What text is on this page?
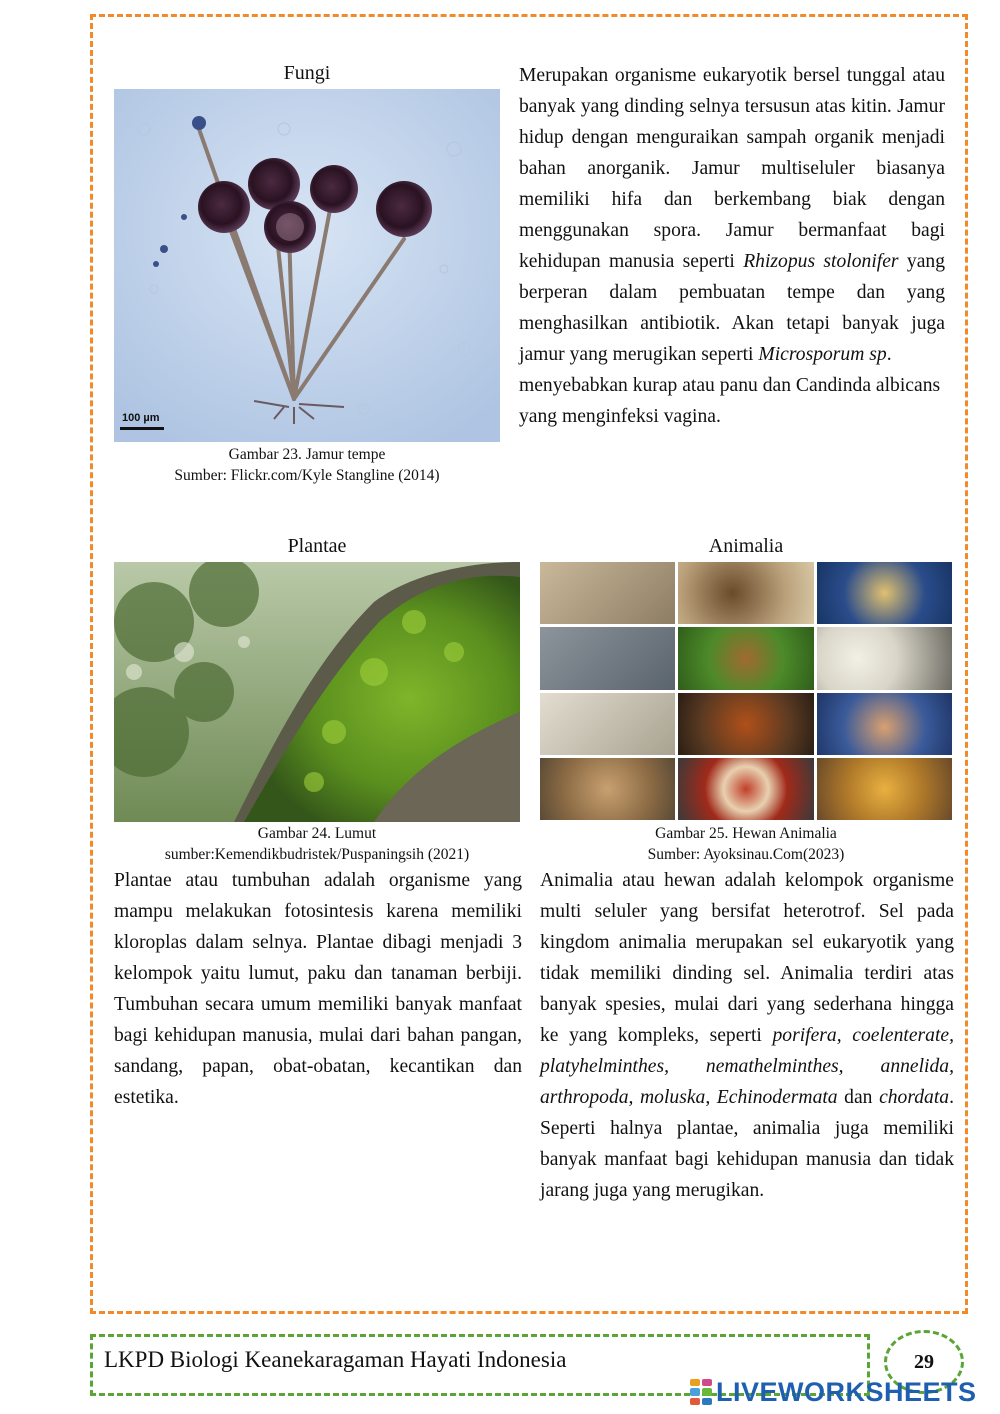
Fungi
100 µm
Gambar 23. Jamur tempe
Sumber: Flickr.com/Kyle Stangline (2014)

Merupakan organisme eukaryotik bersel tunggal atau banyak yang dinding selnya tersusun atas kitin. Jamur hidup dengan menguraikan sampah organik menjadi bahan anorganik. Jamur multiseluler biasanya memiliki hifa dan berkembang biak dengan menggunakan spora. Jamur bermanfaat bagi kehidupan manusia seperti Rhizopus stolonifer yang berperan dalam pembuatan tempe dan yang menghasilkan antibiotik. Akan tetapi banyak juga jamur yang merugikan seperti Microsporum sp.

menyebabkan kurap atau panu dan Candinda albicans yang menginfeksi vagina.

Plantae
Gambar 24. Lumut
sumber:Kemendikbudristek/Puspaningsih (2021)

Plantae atau tumbuhan adalah organisme yang mampu melakukan fotosintesis karena memiliki kloroplas dalam selnya. Plantae dibagi menjadi 3 kelompok yaitu lumut, paku dan tanaman berbiji. Tumbuhan secara umum memiliki banyak manfaat bagi kehidupan manusia, mulai dari bahan pangan, sandang, papan, obat-obatan, kecantikan dan estetika.

Animalia
Gambar 25. Hewan Animalia
Sumber: Ayoksinau.Com(2023)

Animalia atau hewan adalah kelompok organisme multi seluler yang bersifat heterotrof. Sel pada kingdom animalia merupakan sel eukaryotik yang tidak memiliki dinding sel. Animalia terdiri atas banyak spesies, mulai dari yang sederhana hingga ke yang kompleks, seperti porifera, coelenterate, platyhelminthes, nemathelminthes, annelida, arthropoda, moluska, Echinodermata dan chordata. Seperti halnya plantae, animalia juga memiliki banyak manfaat bagi kehidupan manusia dan tidak jarang juga yang merugikan.

LKPD Biologi Keanekaragaman Hayati Indonesia	29
LIVEWORKSHEETS
